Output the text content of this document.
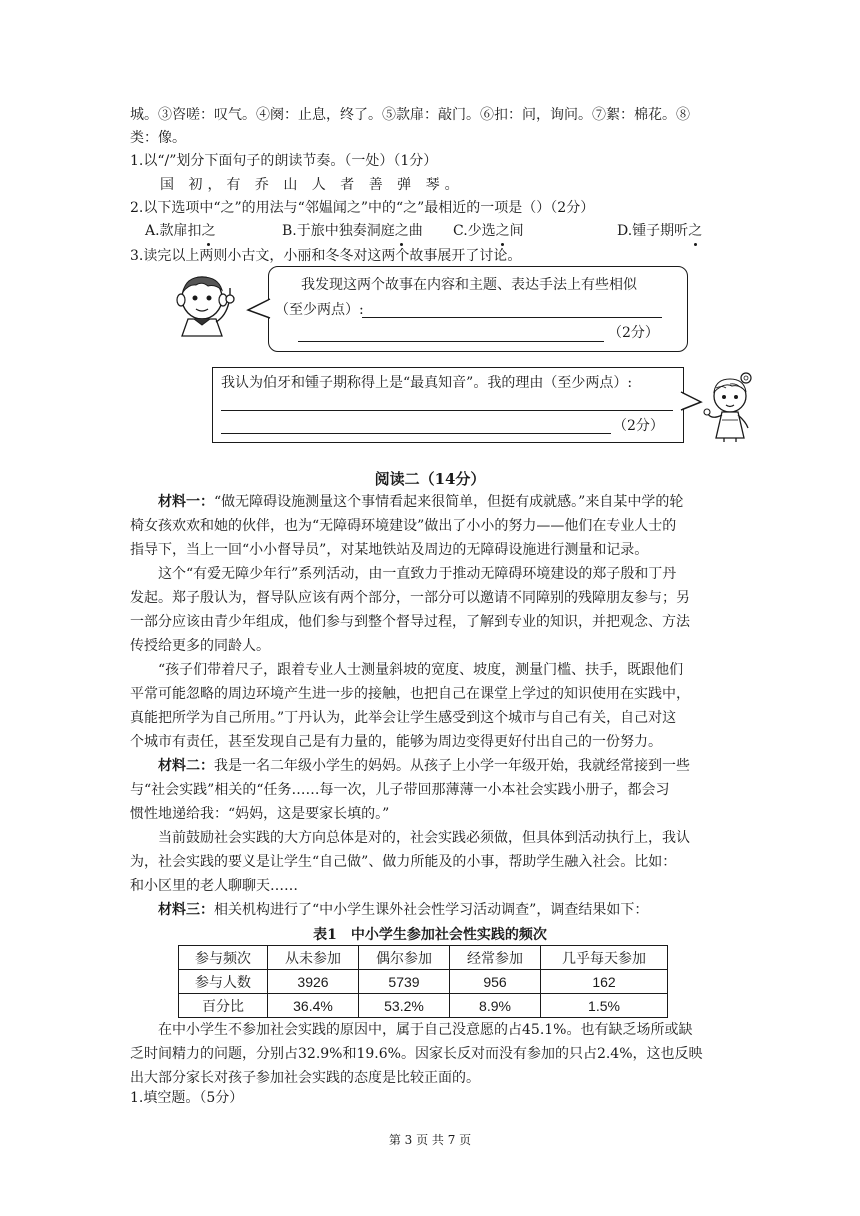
城。③咨嗟：叹气。④阕：止息，终了。⑤款扉：敲门。⑥扣：问，询问。⑦絮：棉花。⑧
类：像。
1.以“/”划分下面句子的朗读节奏。（一处）（1分）
国 初，有 乔 山 人 者 善 弹 琴。
2.以下选项中“之”的用法与“邻媪闻之”中的“之”最相近的一项是（）（2分）
A.款扉扣之	B.于旅中独奏洞庭之曲 C.少选之间	D.锺子期听之
3.读完以上两则小古文，小丽和冬冬对这两个故事展开了讨论。
我发现这两个故事在内容和主题、表达手法上有些相似
（至少两点）:
（2分）
我认为伯牙和锺子期称得上是“最真知音”。我的理由（至少两点）:
（2分）
阅读二（14分）
材料一：“做无障碍设施测量这个事情看起来很简单，但挺有成就感。”来自某中学的轮
椅女孩欢欢和她的伙伴，也为“无障碍环境建设”做出了小小的努力——他们在专业人士的
指导下，当上一回“小小督导员”，对某地铁站及周边的无障碍设施进行测量和记录。
这个“有爱无障少年行”系列活动，由一直致力于推动无障碍环境建设的郑子殷和丁丹
发起。郑子殷认为，督导队应该有两个部分，一部分可以邀请不同障别的残障朋友参与；另
一部分应该由青少年组成，他们参与到整个督导过程，了解到专业的知识，并把观念、方法
传授给更多的同龄人。
“孩子们带着尺子，跟着专业人士测量斜坡的宽度、坡度，测量门槛、扶手，既跟他们
平常可能忽略的周边环境产生进一步的接触，也把自己在课堂上学过的知识使用在实践中，
真能把所学为自己所用。”丁丹认为，此举会让学生感受到这个城市与自己有关，自己对这
个城市有责任，甚至发现自己是有力量的，能够为周边变得更好付出自己的一份努力。
材料二：我是一名二年级小学生的妈妈。从孩子上小学一年级开始，我就经常接到一些
与“社会实践”相关的“任务……每一次，儿子带回那薄薄一小本社会实践小册子，都会习
惯性地递给我：“妈妈，这是要家长填的。”
当前鼓励社会实践的大方向总体是对的，社会实践必须做，但具体到活动执行上，我认
为，社会实践的要义是让学生“自己做”、做力所能及的小事，帮助学生融入社会。比如：
和小区里的老人聊聊天……
材料三：相关机构进行了“中小学生课外社会性学习活动调查”，调查结果如下：
表1　中小学生参加社会性实践的频次
参与频次	从未参加	偶尔参加	经常参加	几乎每天参加
参与人数	3926	5739	956	162
百分比	36.4%	53.2%	8.9%	1.5%
在中小学生不参加社会实践的原因中，属于自己没意愿的占45.1%。也有缺乏场所或缺
乏时间精力的问题，分别占32.9%和19.6%。因家长反对而没有参加的只占2.4%，这也反映
出大部分家长对孩子参加社会实践的态度是比较正面的。
1.填空题。（5分）
第 3 页 共 7 页
